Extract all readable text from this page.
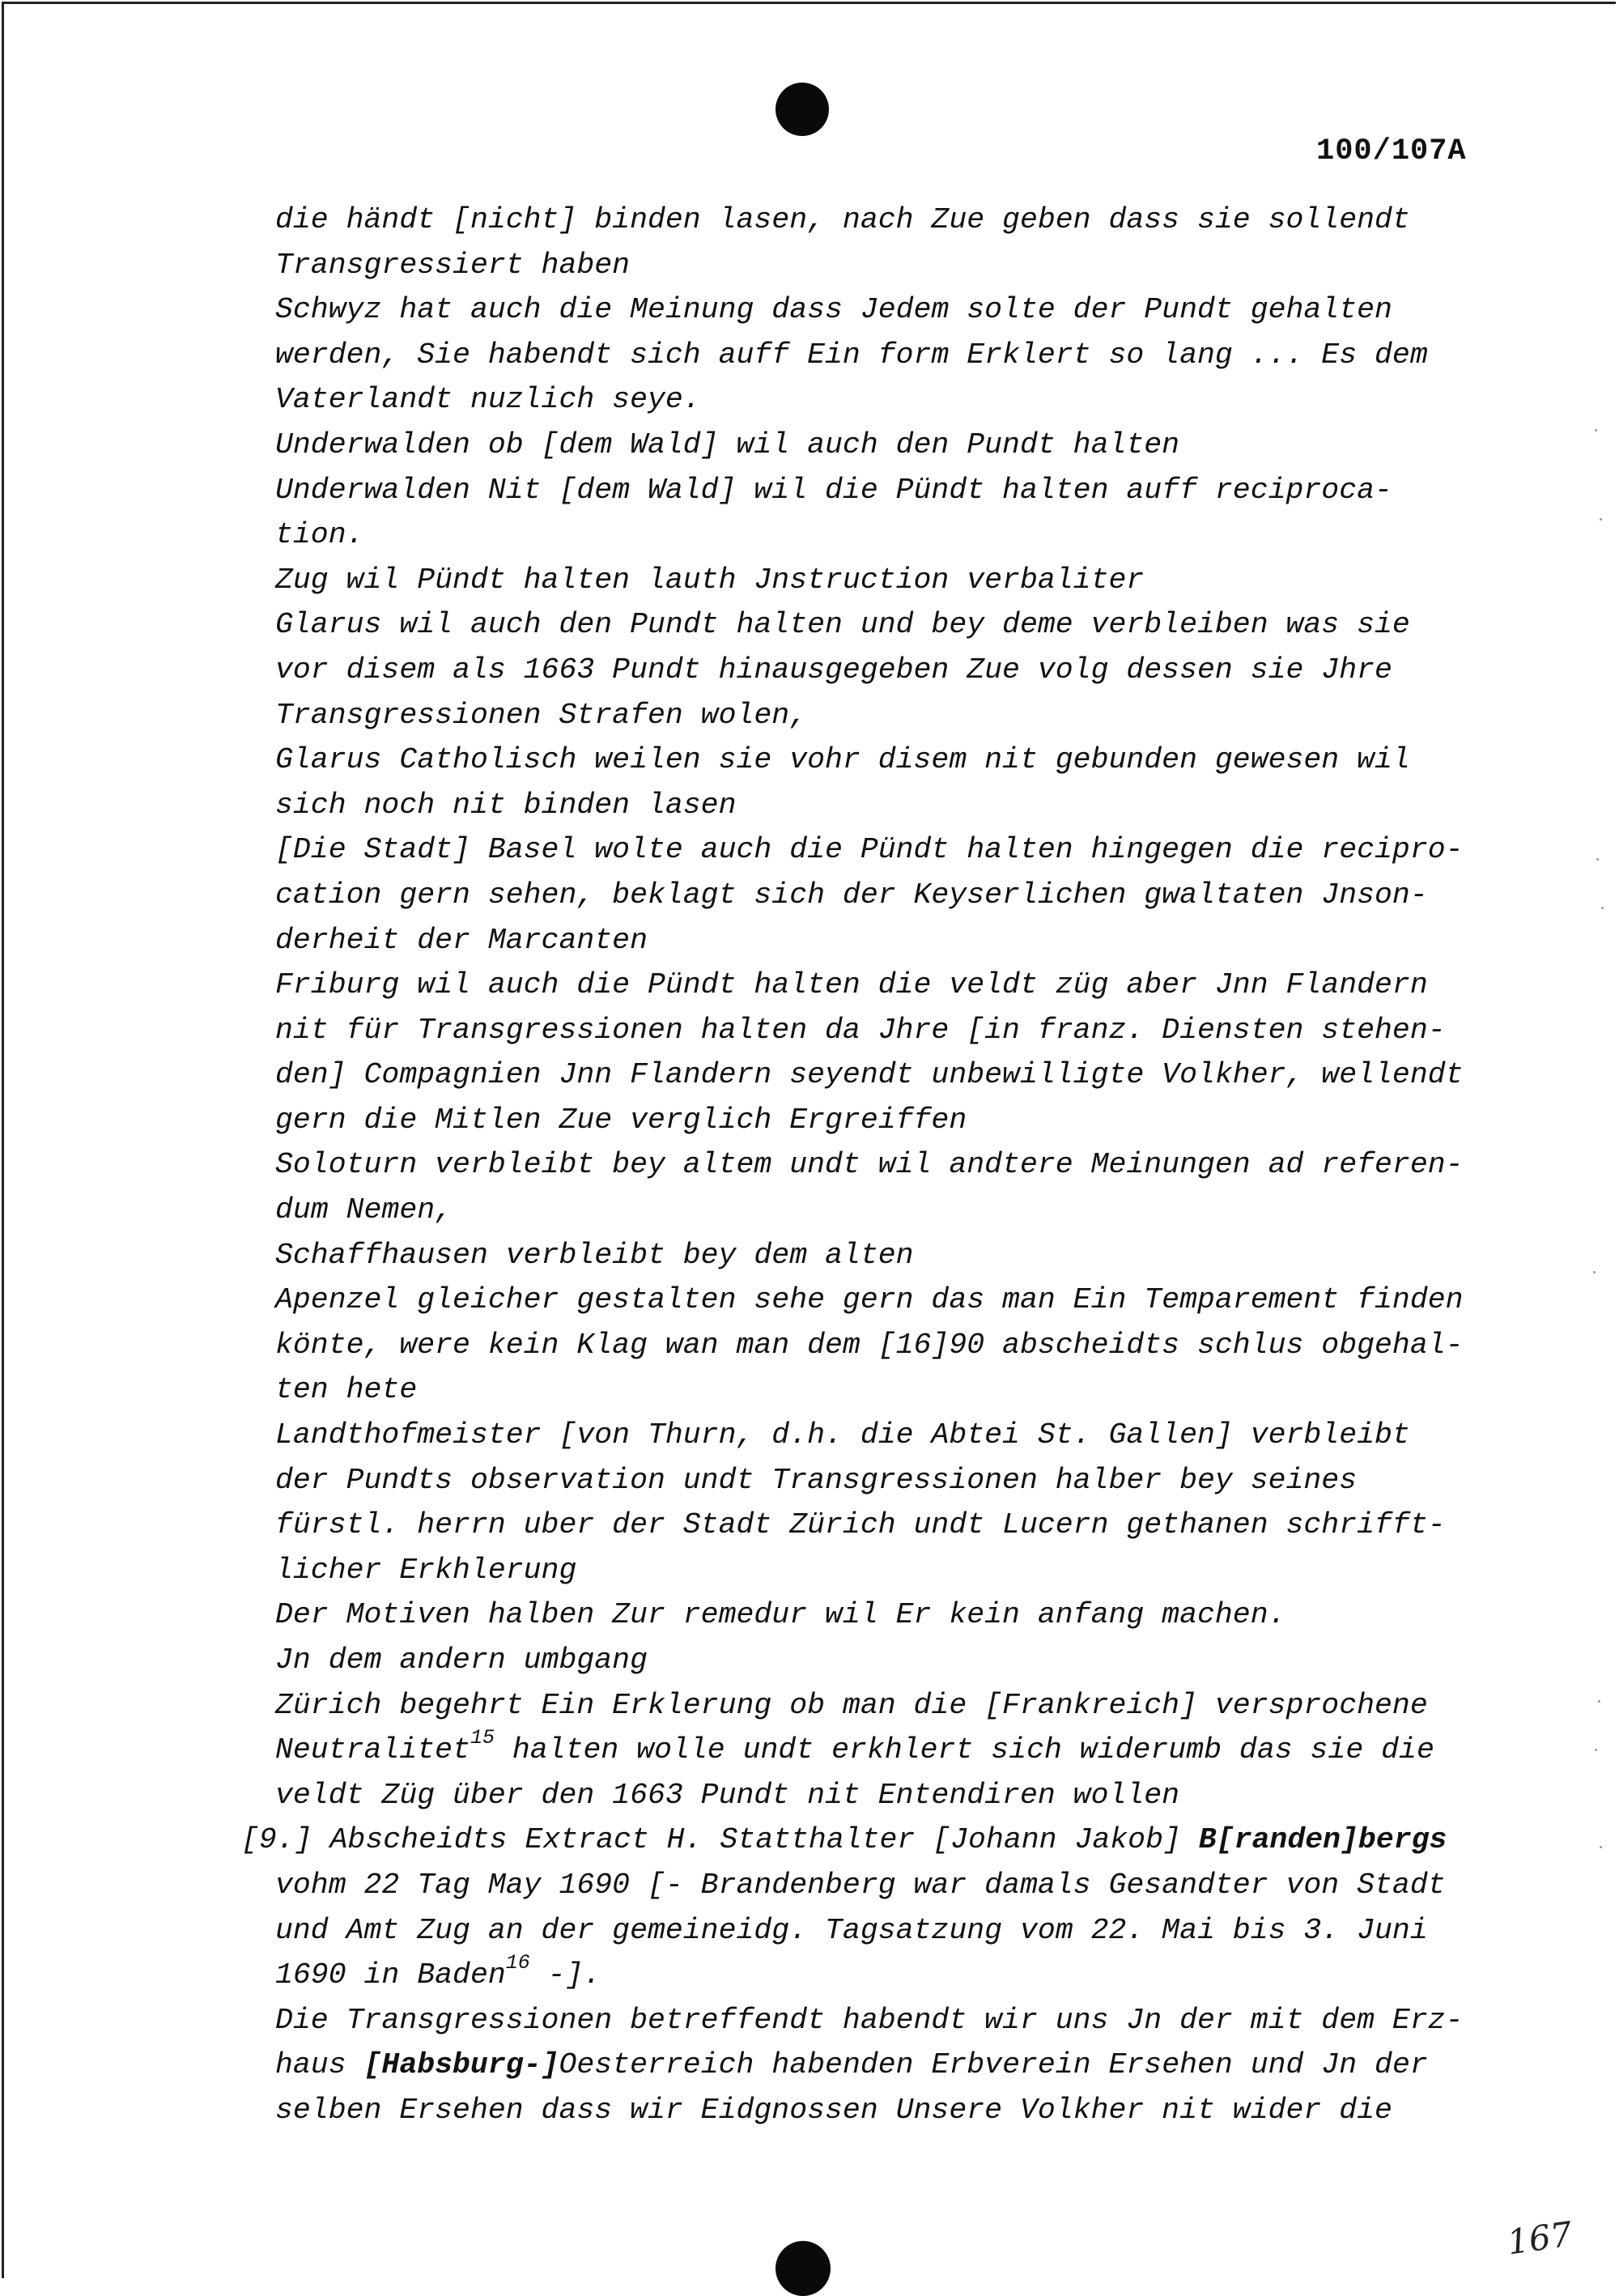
100/107A
die händt [nicht] binden lasen, nach Zue geben dass sie sollendt
Transgressiert haben
Schwyz hat auch die Meinung dass Jedem solte der Pundt gehalten
werden, Sie habendt sich auff Ein form Erklert so lang ... Es dem
Vaterlandt nuzlich seye.
Underwalden ob [dem Wald] wil auch den Pundt halten
Underwalden Nit [dem Wald] wil die Pündt halten auff reciproca-
tion.
Zug wil Pündt halten lauth Jnstruction verbaliter
Glarus wil auch den Pundt halten und bey deme verbleiben was sie
vor disem als 1663 Pundt hinausgegeben Zue volg dessen sie Jhre
Transgressionen Strafen wolen,
Glarus Catholisch weilen sie vohr disem nit gebunden gewesen wil
sich noch nit binden lasen
[Die Stadt] Basel wolte auch die Pündt halten hingegen die recipro-
cation gern sehen, beklagt sich der Keyserlichen gwaltaten Jnson-
derheit der Marcanten
Friburg wil auch die Pündt halten die veldt züg aber Jnn Flandern
nit für Transgressionen halten da Jhre [in franz. Diensten stehen-
den] Compagnien Jnn Flandern seyendt unbewilligte Volkher, wellendt
gern die Mitlen Zue verglich Ergreiffen
Soloturn verbleibt bey altem undt wil andtere Meinungen ad referen-
dum Nemen,
Schaffhausen verbleibt bey dem alten
Apenzel gleicher gestalten sehe gern das man Ein Temparement finden
könte, were kein Klag wan man dem [16]90 abscheidts schlus obgehal-
ten hete
Landthofmeister [von Thurn, d.h. die Abtei St. Gallen] verbleibt
der Pundts observation undt Transgressionen halber bey seines
fürstl. herrn uber der Stadt Zürich undt Lucern gethanen schrifft-
licher Erkhlerung
Der Motiven halben Zur remedur wil Er kein anfang machen.
Jn dem andern umbgang
Zürich begehrt Ein Erklerung ob man die [Frankreich] versprochene
Neutralitet$^{15}$ halten wolle undt erkhlert sich widerumb das sie die
veldt Züg über den 1663 Pundt nit Entendiren wollen
[9.] Abscheidts Extract H. Statthalter [Johann Jakob] B[randen]bergs
vohm 22 Tag May 1690 [- Brandenberg war damals Gesandter von Stadt
und Amt Zug an der gemeineidg. Tagsatzung vom 22. Mai bis 3. Juni
1690 in Baden$^{16}$ -].
Die Transgressionen betreffendt habendt wir uns Jn der mit dem Erz-
haus [Habsburg-]Oesterreich habenden Erbverein Ersehen und Jn der
selben Ersehen dass wir Eidgnossen Unsere Volkher nit wider die
167
